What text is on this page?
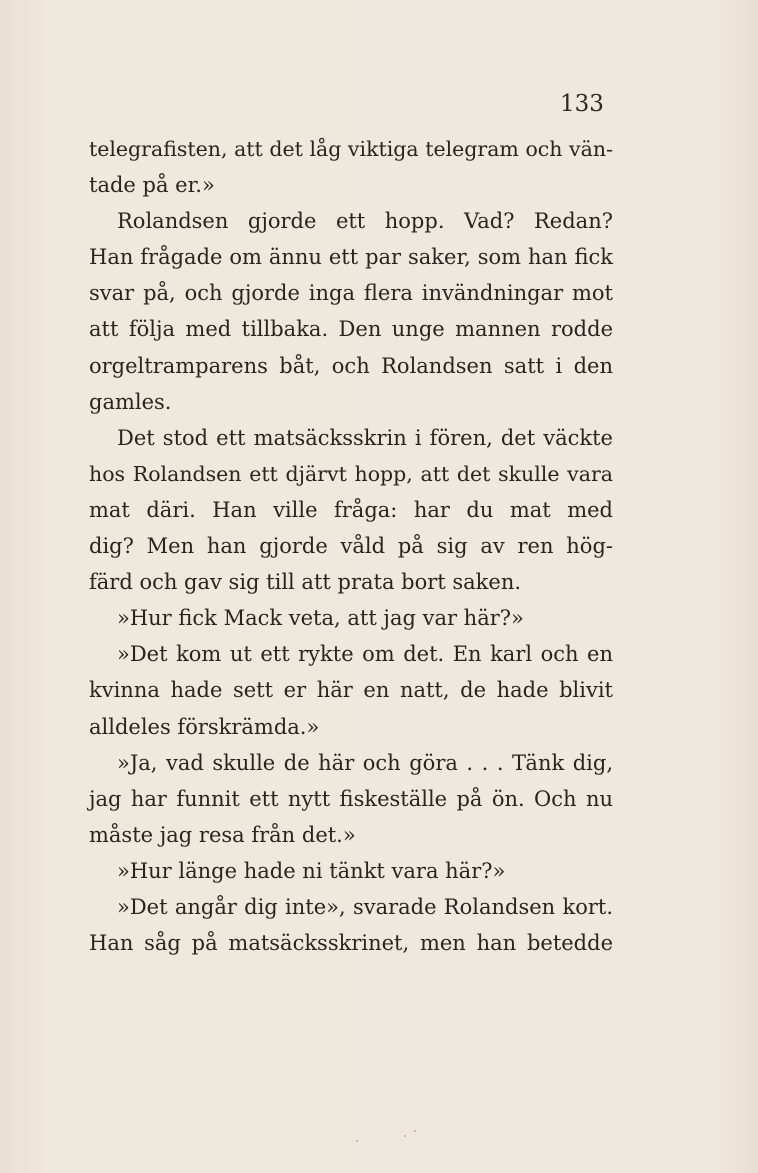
133
telegrafisten, att det låg viktiga telegram och vän-
tade på er.»
Rolandsen gjorde ett hopp. Vad? Redan?
Han frågade om ännu ett par saker, som han fick
svar på, och gjorde inga flera invändningar mot
att följa med tillbaka. Den unge mannen rodde
orgeltramparens båt, och Rolandsen satt i den
gamles.
Det stod ett matsäcksskrin i fören, det väckte
hos Rolandsen ett djärvt hopp, att det skulle vara
mat däri. Han ville fråga: har du mat med
dig? Men han gjorde våld på sig av ren hög-
färd och gav sig till att prata bort saken.
»Hur fick Mack veta, att jag var här?»
»Det kom ut ett rykte om det. En karl och en
kvinna hade sett er här en natt, de hade blivit
alldeles förskrämda.»
»Ja, vad skulle de här och göra . . . Tänk dig,
jag har funnit ett nytt fiskeställe på ön. Och nu
måste jag resa från det.»
»Hur länge hade ni tänkt vara här?»
»Det angår dig inte», svarade Rolandsen kort.
Han såg på matsäcksskrinet, men han betedde
